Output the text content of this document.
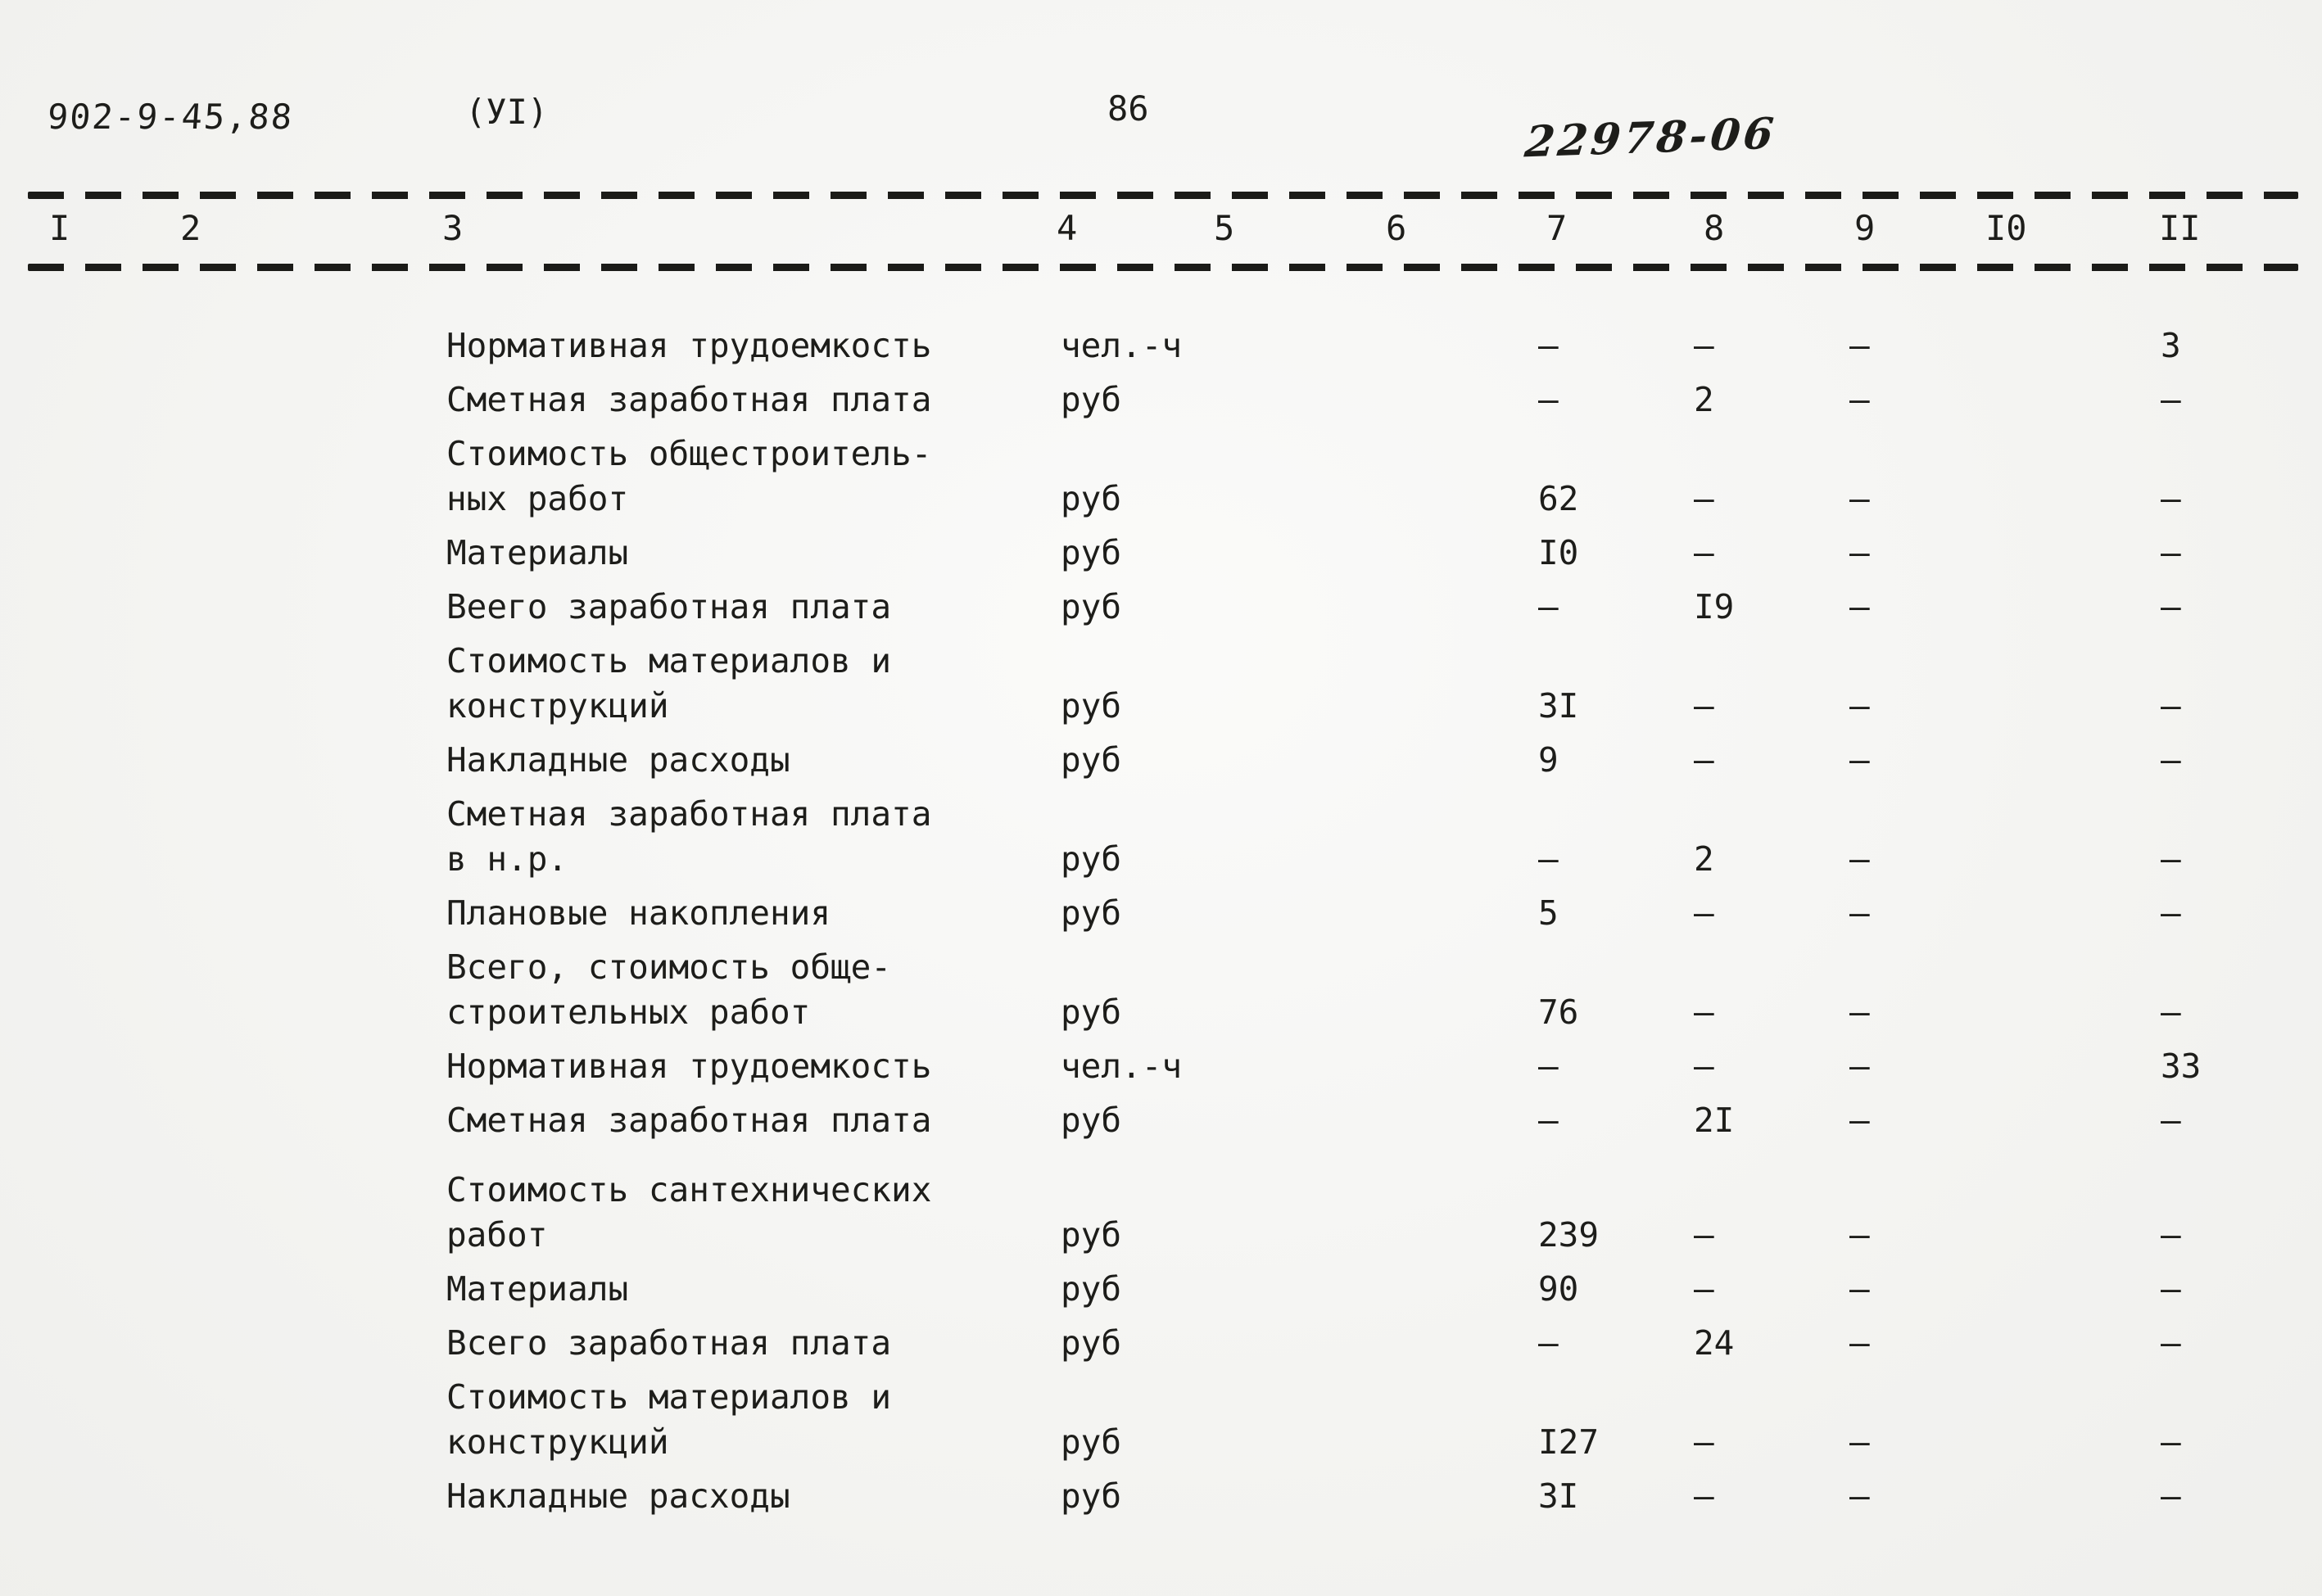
902-9-45,88	(УІ)	86
22978-06
I	2	3	4	5	6	7	8	9	I0	II
Нормативная трудоемкость	чел.-ч	–	–	–	3
Сметная заработная плата	руб	–	2	–	–
Стоимость общестроитель-
ных работ	руб	62	–	–	–
Материалы	руб	I0	–	–	–
Веего заработная плата	руб	–	I9	–	–
Стоимость материалов и
конструкций	руб	3I	–	–	–
Накладные расходы	руб	9	–	–	–
Сметная заработная плата
в н.р.	руб	–	2	–	–
Плановые накопления	руб	5	–	–	–
Всего, стоимость обще-
строительных работ	руб	76	–	–	–
Нормативная трудоемкость	чел.-ч	–	–	–	33
Сметная заработная плата	руб	–	2I	–	–
Стоимость сантехнических
работ	руб	239	–	–	–
Материалы	руб	90	–	–	–
Всего заработная плата	руб	–	24	–	–
Стоимость материалов и
конструкций	руб	I27	–	–	–
Накладные расходы	руб	3I	–	–	–
